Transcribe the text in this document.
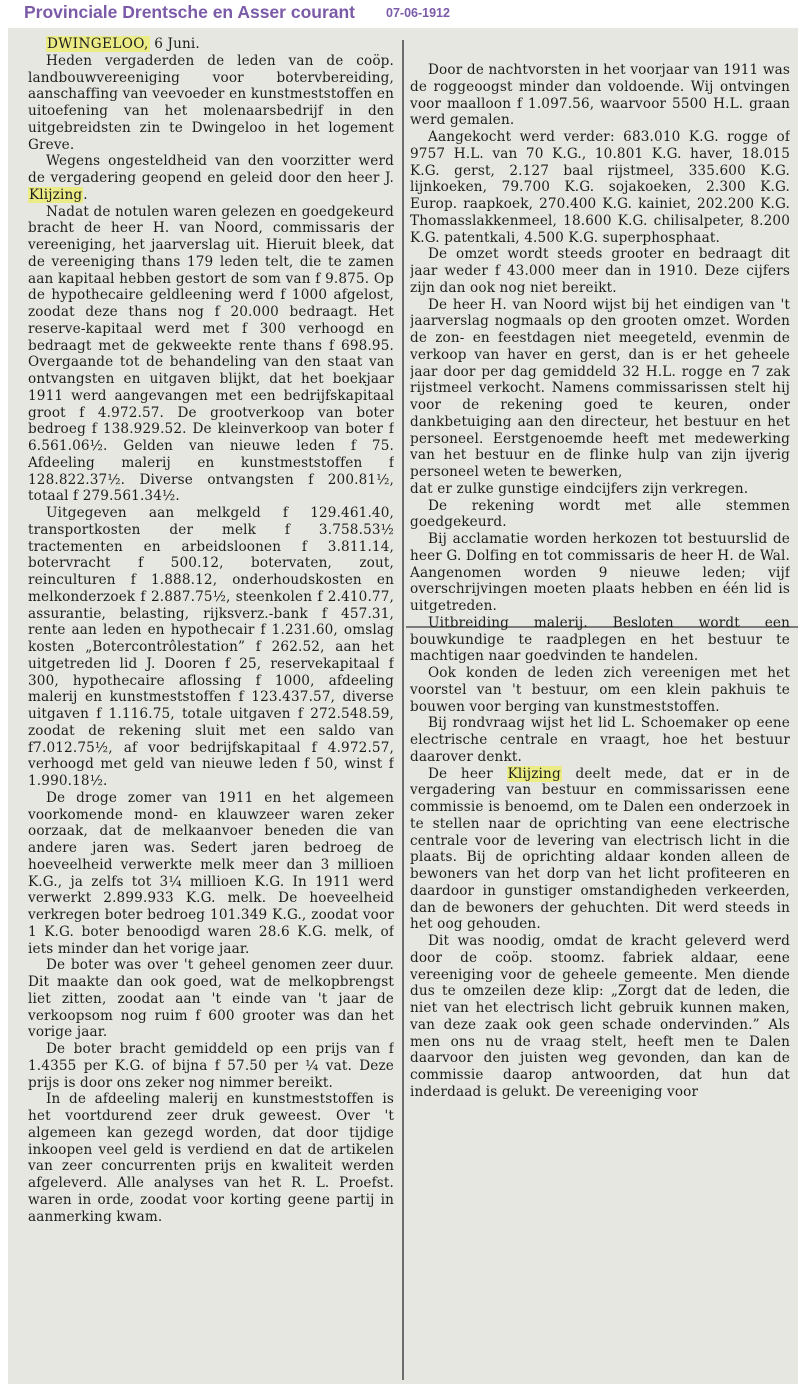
Provinciale Drentsche en Asser courant 07-06-1912

DWINGELOO, 6 Juni.

Heden vergaderden de leden van de coöp. landbouwvereeniging voor botervbereiding, aanschaffing van veevoeder en kunstmeststoffen en uitoefening van het molenaarsbedrijf in den uitgebreidsten zin te Dwingeloo in het logement Greve.

Wegens ongesteldheid van den voorzitter werd de vergadering geopend en geleid door den heer J. Klijzing.

Nadat de notulen waren gelezen en goedgekeurd bracht de heer H. van Noord, commissaris der vereeniging, het jaarverslag uit. Hieruit bleek, dat de vereeniging thans 179 leden telt, die te zamen aan kapitaal hebben gestort de som van f 9.875. Op de hypothecaire geldleening werd f 1000 afgelost, zoodat deze thans nog f 20.000 bedraagt. Het reserve-kapitaal werd met f 300 verhoogd en bedraagt met de gekweekte rente thans f 698.95. Overgaande tot de behandeling van den staat van ontvangsten en uitgaven blijkt, dat het boekjaar 1911 werd aangevangen met een bedrijfskapitaal groot f 4.972.57. De grootverkoop van boter bedroeg f 138.929.52. De kleinverkoop van boter f 6.561.06½. Gelden van nieuwe leden f 75. Afdeeling malerij en kunstmeststoffen f 128.822.37½. Diverse ontvangsten f 200.81½, totaal f 279.561.34½.

Uitgegeven aan melkgeld f 129.461.40, transportkosten der melk f 3.758.53½ tractementen en arbeidsloonen f 3.811.14, botervracht f 500.12, botervaten, zout, reinculturen f 1.888.12, onderhoudskosten en melkonderzoek f 2.887.75½, steenkolen f 2.410.77, assurantie, belasting, rijksverz.-bank f 457.31, rente aan leden en hypothecair f 1.231.60, omslag kosten „Botercontrôlestation” f 262.52, aan het uitgetreden lid J. Dooren f 25, reservekapitaal f 300, hypothecaire aflossing f 1000, afdeeling malerij en kunstmeststoffen f 123.437.57, diverse uitgaven f 1.116.75, totale uitgaven f 272.548.59, zoodat de rekening sluit met een saldo van f7.012.75½, af voor bedrijfskapitaal f 4.972.57, verhoogd met geld van nieuwe leden f 50, winst f 1.990.18½.

De droge zomer van 1911 en het algemeen voorkomende mond- en klauwzeer waren zeker oorzaak, dat de melkaanvoer beneden die van andere jaren was. Sedert jaren bedroeg de hoeveelheid verwerkte melk meer dan 3 millioen K.G., ja zelfs tot 3¼ millioen K.G. In 1911 werd verwerkt 2.899.933 K.G. melk. De hoeveelheid verkregen boter bedroeg 101.349 K.G., zoodat voor 1 K.G. boter benoodigd waren 28.6 K.G. melk, of iets minder dan het vorige jaar.

De boter was over 't geheel genomen zeer duur. Dit maakte dan ook goed, wat de melkopbrengst liet zitten, zoodat aan 't einde van 't jaar de verkoopsom nog ruim f 600 grooter was dan het vorige jaar.

De boter bracht gemiddeld op een prijs van f 1.4355 per K.G. of bijna f 57.50 per ¼ vat. Deze prijs is door ons zeker nog nimmer bereikt.

In de afdeeling malerij en kunstmeststoffen is het voortdurend zeer druk geweest. Over 't algemeen kan gezegd worden, dat door tijdige inkoopen veel geld is verdiend en dat de artikelen van zeer concurrenten prijs en kwaliteit werden afgeleverd. Alle analyses van het R. L. Proefst. waren in orde, zoodat voor korting geene partij in aanmerking kwam.

Door de nachtvorsten in het voorjaar van 1911 was de roggeoogst minder dan voldoende. Wij ontvingen voor maalloon f 1.097.56, waarvoor 5500 H.L. graan werd gemalen.

Aangekocht werd verder: 683.010 K.G. rogge of 9757 H.L. van 70 K.G., 10.801 K.G. haver, 18.015 K.G. gerst, 2.127 baal rijstmeel, 335.600 K.G. lijnkoeken, 79.700 K.G. sojakoeken, 2.300 K.G. Europ. raapkoek, 270.400 K.G. kainiet, 202.200 K.G. Thomasslakkenmeel, 18.600 K.G. chilisalpeter, 8.200 K.G. patentkali, 4.500 K.G. superphosphaat.

De omzet wordt steeds grooter en bedraagt dit jaar weder f 43.000 meer dan in 1910. Deze cijfers zijn dan ook nog niet bereikt.

De heer H. van Noord wijst bij het eindigen van 't jaarverslag nogmaals op den grooten omzet. Worden de zon- en feestdagen niet meegeteld, evenmin de verkoop van haver en gerst, dan is er het geheele jaar door per dag gemiddeld 32 H.L. rogge en 7 zak rijstmeel verkocht. Namens commissarissen stelt hij voor de rekening goed te keuren, onder dankbetuiging aan den directeur, het bestuur en het personeel. Eerstgenoemde heeft met medewerking van het bestuur en de flinke hulp van zijn ijverig personeel weten te bewerken,

dat er zulke gunstige eindcijfers zijn verkregen.

De rekening wordt met alle stemmen goedgekeurd.

Bij acclamatie worden herkozen tot bestuurslid de heer G. Dolfing en tot commissaris de heer H. de Wal. Aangenomen worden 9 nieuwe leden; vijf overschrijvingen moeten plaats hebben en één lid is uitgetreden.

Uitbreiding malerij. Besloten wordt een bouwkundige te raadplegen en het bestuur te machtigen naar goedvinden te handelen.

Ook konden de leden zich vereenigen met het voorstel van 't bestuur, om een klein pakhuis te bouwen voor berging van kunstmeststoffen.

Bij rondvraag wijst het lid L. Schoemaker op eene electrische centrale en vraagt, hoe het bestuur daarover denkt.

De heer Klijzing deelt mede, dat er in de vergadering van bestuur en commissarissen eene commissie is benoemd, om te Dalen een onderzoek in te stellen naar de oprichting van eene electrische centrale voor de levering van electrisch licht in die plaats. Bij de oprichting aldaar konden alleen de bewoners van het dorp van het licht profiteeren en daardoor in gunstiger omstandigheden verkeerden, dan de bewoners der gehuchten. Dit werd steeds in het oog gehouden.

Dit was noodig, omdat de kracht geleverd werd door de coöp. stoomz. fabriek aldaar, eene vereeniging voor de geheele gemeente. Men diende dus te omzeilen deze klip: „Zorgt dat de leden, die niet van het electrisch licht gebruik kunnen maken, van deze zaak ook geen schade ondervinden.” Als men ons nu de vraag stelt, heeft men te Dalen daarvoor den juisten weg gevonden, dan kan de commissie daarop antwoorden, dat hun dat inderdaad is gelukt. De vereeniging voor
